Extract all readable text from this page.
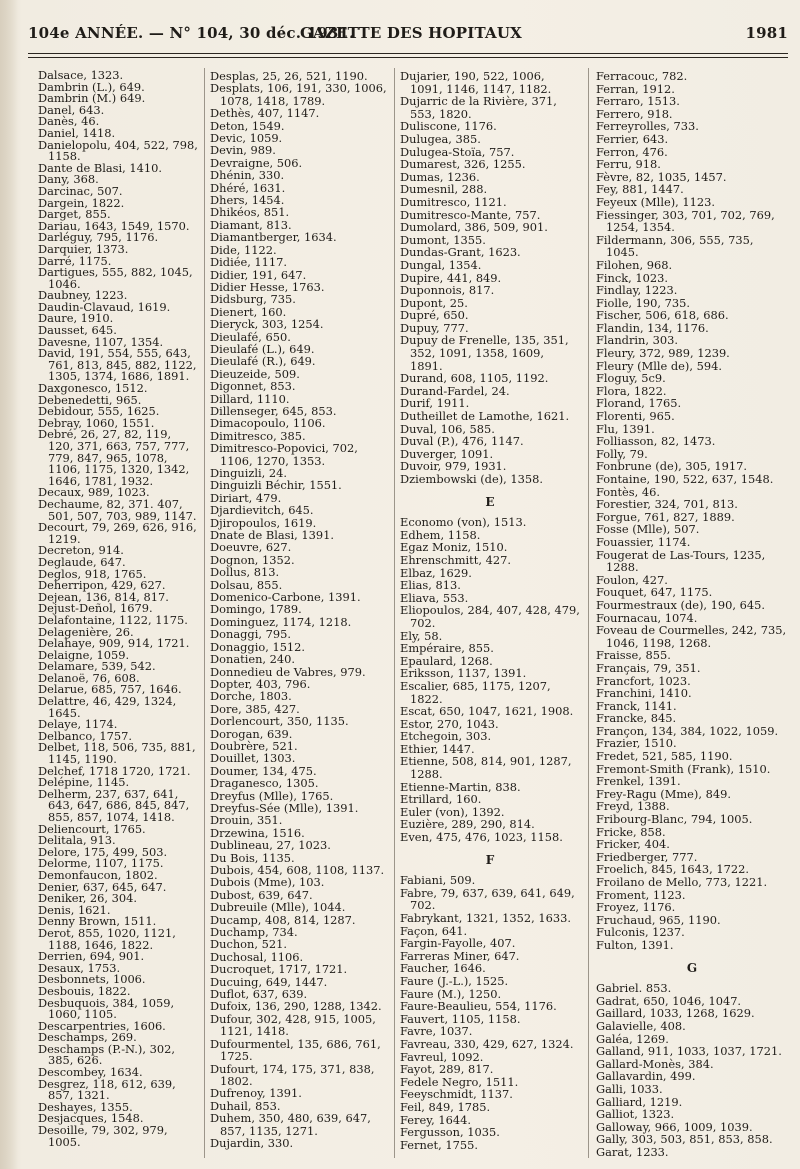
104e ANNÉE. — N° 104, 30 déc. 1931.
GAZETTE DES HOPITAUX	1981

Dalsace, 1323.

Dambrin (L.), 649.

Dambrin (M.) 649.

Danel, 643.

Danès, 46.

Daniel, 1418.

Danielopolu, 404, 522, 798, 1158.

Dante de Blasi, 1410.

Dany, 368.

Darcinac, 507.

Dargein, 1822.

Darget, 855.

Dariau, 1643, 1549, 1570.

Darléguy, 795, 1176.

Darquier, 1373.

Darré, 1175.

Dartigues, 555, 882, 1045, 1046.

Daubney, 1223.

Daudin-Clavaud, 1619.

Daure, 1910.

Dausset, 645.

Davesne, 1107, 1354.

David, 191, 554, 555, 643, 761, 813, 845, 882, 1122, 1305, 1374, 1686, 1891.

Daxgonesco, 1512.

Debenedetti, 965.

Debidour, 555, 1625.

Debray, 1060, 1551.

Debré, 26, 27, 82, 119, 120, 371, 663, 757, 777, 779, 847, 965, 1078, 1106, 1175, 1320, 1342, 1646, 1781, 1932.

Decaux, 989, 1023.

Dechaume, 82, 371. 407, 501, 507, 703, 989, 1147.

Decourt, 79, 269, 626, 916, 1219.

Decreton, 914.

Deglaude, 647.

Deglos, 918, 1765.

Deherripon, 429, 627.

Dejean, 136, 814, 817.

Dejust-Deñol, 1679.

Delafontaine, 1122, 1175.

Delagenière, 26.

Delahaye, 909, 914, 1721.

Delaigne, 1059.

Delamare, 539, 542.

Delanoë, 76, 608.

Delarue, 685, 757, 1646.

Delattre, 46, 429, 1324, 1645.

Delaye, 1174.

Delbanco, 1757.

Delbet, 118, 506, 735, 881, 1145, 1190.

Delchef, 1718 1720, 1721.

Delépine, 1145.

Delherm, 237, 637, 641, 643, 647, 686, 845, 847, 855, 857, 1074, 1418.

Deliencourt, 1765.

Delitala, 913.

Delore, 175, 499, 503.

Delorme, 1107, 1175.

Demonfaucon, 1802.

Denier, 637, 645, 647.

Deniker, 26, 304.

Denis, 1621.

Denny Brown, 1511.

Derot, 855, 1020, 1121, 1188, 1646, 1822.

Derrien, 694, 901.

Desaux, 1753.

Desbonnets, 1006.

Desbouis, 1822.

Desbuquois, 384, 1059, 1060, 1105.

Descarpentries, 1606.

Deschamps, 269.

Deschamps (P.-N.), 302, 385, 626.

Descombey, 1634.

Desgrez, 118, 612, 639, 857, 1321.

Deshayes, 1355.

Desjacques, 1548.

Desoille, 79, 302, 979, 1005.

Desplas, 25, 26, 521, 1190.

Desplats, 106, 191, 330, 1006, 1078, 1418, 1789.

Dethès, 407, 1147.

Deton, 1549.

Devic, 1059.

Devin, 989.

Devraigne, 506.

Dhénin, 330.

Dhéré, 1631.

Dhers, 1454.

Dhikéos, 851.

Diamant, 813.

Diamantberger, 1634.

Dide, 1122.

Didiée, 1117.

Didier, 191, 647.

Didier Hesse, 1763.

Didsburg, 735.

Dienert, 160.

Dieryck, 303, 1254.

Dieulafé, 650.

Dieulafé (L.), 649.

Dieulafé (R.), 649.

Dieuzeide, 509.

Digonnet, 853.

Dillard, 1110.

Dillenseger, 645, 853.

Dimacopoulo, 1106.

Dimitresco, 385.

Dimitresco-Popovici, 702, 1106, 1270, 1353.

Dinguizli, 24.

Dinguizli Béchir, 1551.

Diriart, 479.

Djardievitch, 645.

Djiropoulos, 1619.

Dnate de Blasi, 1391.

Doeuvre, 627.

Dognon, 1352.

Dollus, 813.

Dolsau, 855.

Domenico-Carbone, 1391.

Domingo, 1789.

Dominguez, 1174, 1218.

Donaggi, 795.

Donaggio, 1512.

Donatien, 240.

Donnedieu de Vabres, 979.

Dopter, 403, 796.

Dorche, 1803.

Dore, 385, 427.

Dorlencourt, 350, 1135.

Dorogan, 639.

Doubrère, 521.

Douillet, 1303.

Doumer, 134, 475.

Draganesco, 1305.

Dreyfus (Mlle), 1765.

Dreyfus-Sée (Mlle), 1391.

Drouin, 351.

Drzewina, 1516.

Dublineau, 27, 1023.

Du Bois, 1135.

Dubois, 454, 608, 1108, 1137.

Dubois (Mme), 103.

Dubost, 639, 647.

Dubreuile (Mlle), 1044.

Ducamp, 408, 814, 1287.

Duchamp, 734.

Duchon, 521.

Duchosal, 1106.

Ducroquet, 1717, 1721.

Ducuing, 649, 1447.

Duflot, 637, 639.

Dufoix, 136, 290, 1288, 1342.

Dufour, 302, 428, 915, 1005, 1121, 1418.

Dufourmentel, 135, 686, 761, 1725.

Dufourt, 174, 175, 371, 838, 1802.

Dufrenoy, 1391.

Duhail, 853.

Duhem, 350, 480, 639, 647, 857, 1135, 1271.

Dujardin, 330.

Dujarier, 190, 522, 1006, 1091, 1146, 1147, 1182.

Dujarric de la Rivière, 371, 553, 1820.

Duliscone, 1176.

Dulugea, 385.

Dulugea-Stoïa, 757.

Dumarest, 326, 1255.

Dumas, 1236.

Dumesnil, 288.

Dumitresco, 1121.

Dumitresco-Mante, 757.

Dumolard, 386, 509, 901.

Dumont, 1355.

Dundas-Grant, 1623.

Dungal, 1354.

Dupire, 441, 849.

Duponnois, 817.

Dupont, 25.

Dupré, 650.

Dupuy, 777.

Dupuy de Frenelle, 135, 351, 352, 1091, 1358, 1609, 1891.

Durand, 608, 1105, 1192.

Durand-Fardel, 24.

Durif, 1911.

Dutheillet de Lamothe, 1621.

Duval, 106, 585.

Duval (P.), 476, 1147.

Duverger, 1091.

Duvoir, 979, 1931.

Dziembowski (de), 1358.

E

Economo (von), 1513.

Edhem, 1158.

Egaz Moniz, 1510.

Ehrenschmitt, 427.

Elbaz, 1629.

Elias, 813.

Eliava, 553.

Eliopoulos, 284, 407, 428, 479, 702.

Ely, 58.

Empéraire, 855.

Epaulard, 1268.

Eriksson, 1137, 1391.

Escalier, 685, 1175, 1207, 1822.

Escat, 650, 1047, 1621, 1908.

Estor, 270, 1043.

Etchegoin, 303.

Ethier, 1447.

Etienne, 508, 814, 901, 1287, 1288.

Etienne-Martin, 838.

Etrillard, 160.

Euler (von), 1392.

Euzière, 289, 290, 814.

Even, 475, 476, 1023, 1158.

F

Fabiani, 509.

Fabre, 79, 637, 639, 641, 649, 702.

Fabrykant, 1321, 1352, 1633.

Façon, 641.

Fargin-Fayolle, 407.

Farreras Miner, 647.

Faucher, 1646.

Faure (J.-L.), 1525.

Faure (M.), 1250.

Faure-Beaulieu, 554, 1176.

Fauvert, 1105, 1158.

Favre, 1037.

Favreau, 330, 429, 627, 1324.

Favreul, 1092.

Fayot, 289, 817.

Fedele Negro, 1511.

Feeyschmidt, 1137.

Feil, 849, 1785.

Ferey, 1644.

Fergusson, 1035.

Fernet, 1755.

Ferracouc, 782.

Ferran, 1912.

Ferraro, 1513.

Ferrero, 918.

Ferreyrolles, 733.

Ferrier, 643.

Ferron, 476.

Ferru, 918.

Fèvre, 82, 1035, 1457.

Fey, 881, 1447.

Feyeux (Mlle), 1123.

Fiessinger, 303, 701, 702, 769, 1254, 1354.

Fildermann, 306, 555, 735, 1045.

Filohen, 968.

Finck, 1023.

Findlay, 1223.

Fiolle, 190, 735.

Fischer, 506, 618, 686.

Flandin, 134, 1176.

Flandrin, 303.

Fleury, 372, 989, 1239.

Fleury (Mlle de), 594.

Floguy, 5c9.

Flora, 1822.

Florand, 1765.

Florenti, 965.

Flu, 1391.

Folliasson, 82, 1473.

Folly, 79.

Fonbrune (de), 305, 1917.

Fontaine, 190, 522, 637, 1548.

Fontès, 46.

Forestier, 324, 701, 813.

Forgue, 761, 827, 1889.

Fosse (Mlle), 507.

Fouassier, 1174.

Fougerat de Las-Tours, 1235, 1288.

Foulon, 427.

Fouquet, 647, 1175.

Fourmestraux (de), 190, 645.

Fournacau, 1074.

Foveau de Courmelles, 242, 735, 1046, 1198, 1268.

Fraisse, 855.

Français, 79, 351.

Francfort, 1023.

Franchini, 1410.

Franck, 1141.

Francke, 845.

Françon, 134, 384, 1022, 1059.

Frazier, 1510.

Fredet, 521, 585, 1190.

Fremont-Smith (Frank), 1510.

Frenkel, 1391.

Frey-Ragu (Mme), 849.

Freyd, 1388.

Fribourg-Blanc, 794, 1005.

Fricke, 858.

Fricker, 404.

Friedberger, 777.

Froelich, 845, 1643, 1722.

Froilano de Mello, 773, 1221.

Froment, 1123.

Froyez, 1176.

Fruchaud, 965, 1190.

Fulconis, 1237.

Fulton, 1391.

G

Gabriel. 853.

Gadrat, 650, 1046, 1047.

Gaillard, 1033, 1268, 1629.

Galavielle, 408.

Galéa, 1269.

Galland, 911, 1033, 1037, 1721.

Gallard-Monès, 384.

Gallavardin, 499.

Galli, 1033.

Galliard, 1219.

Galliot, 1323.

Galloway, 966, 1009, 1039.

Gally, 303, 503, 851, 853, 858.

Garat, 1233.
